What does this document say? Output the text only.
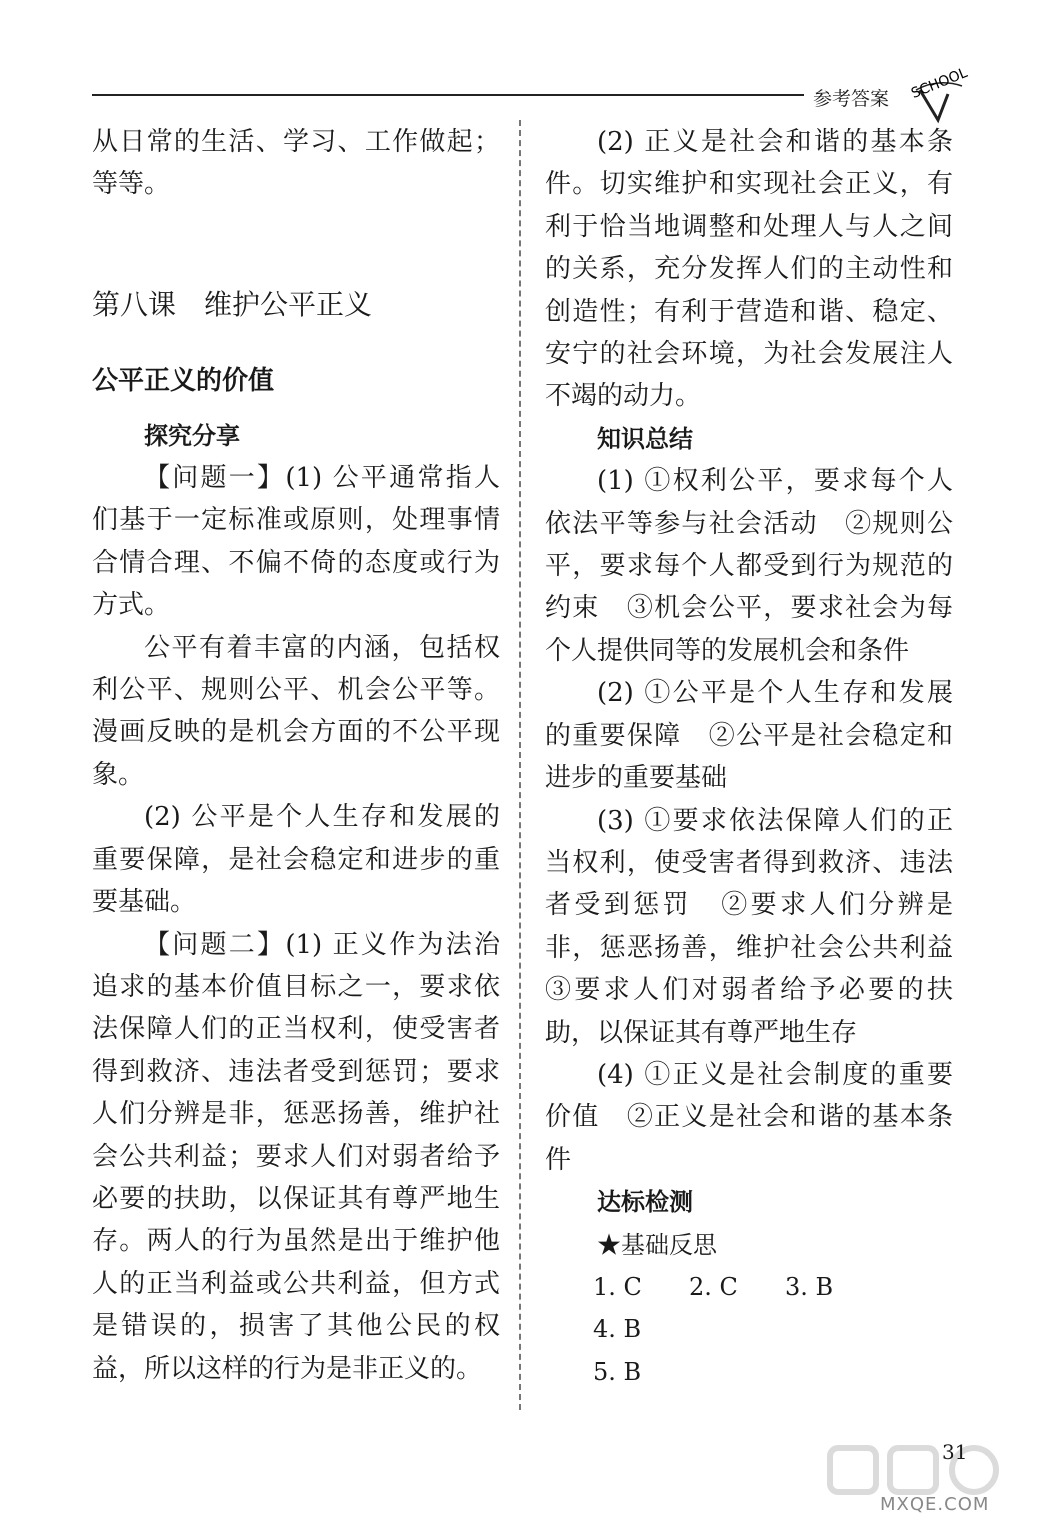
参考答案 SCHOOL

从日常的生活、学习、工作做起；等等。

第八课　维护公平正义

公平正义的价值

探究分享

【问题一】(1) 公平通常指人们基于一定标准或原则，处理事情合情合理、不偏不倚的态度或行为方式。

公平有着丰富的内涵，包括权利公平、规则公平、机会公平等。漫画反映的是机会方面的不公平现象。

(2) 公平是个人生存和发展的重要保障，是社会稳定和进步的重要基础。

【问题二】(1) 正义作为法治追求的基本价值目标之一，要求依法保障人们的正当权利，使受害者得到救济、违法者受到惩罚；要求人们分辨是非，惩恶扬善，维护社会公共利益；要求人们对弱者给予必要的扶助，以保证其有尊严地生存。两人的行为虽然是出于维护他人的正当利益或公共利益，但方式是错误的，损害了其他公民的权益，所以这样的行为是非正义的。

(2) 正义是社会和谐的基本条件。切实维护和实现社会正义，有利于恰当地调整和处理人与人之间的关系，充分发挥人们的主动性和创造性；有利于营造和谐、稳定、安宁的社会环境，为社会发展注人不竭的动力。

知识总结

(1) ①权利公平，要求每个人依法平等参与社会活动　②规则公平，要求每个人都受到行为规范的约束　③机会公平，要求社会为每个人提供同等的发展机会和条件

(2) ①公平是个人生存和发展的重要保障　②公平是社会稳定和进步的重要基础

(3) ①要求依法保障人们的正当权利，使受害者得到救济、违法者受到惩罚　②要求人们分辨是非，惩恶扬善，维护社会公共利益　③要求人们对弱者给予必要的扶助，以保证其有尊严地生存

(4) ①正义是社会制度的重要价值　②正义是社会和谐的基本条件

达标检测

★基础反思

1. C 2. C 3. B4. B

5. B

MXQE.COM
31
